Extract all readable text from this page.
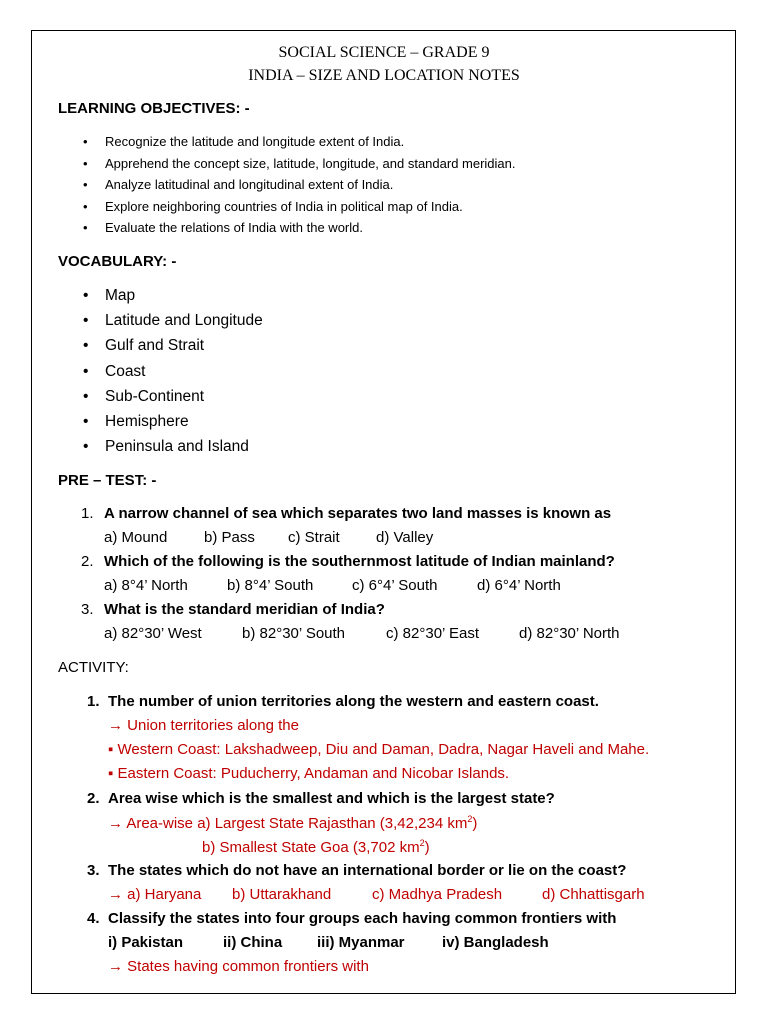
SOCIAL SCIENCE – GRADE 9
INDIA – SIZE AND LOCATION NOTES
LEARNING OBJECTIVES: -
• Recognize the latitude and longitude extent of India.
• Apprehend the concept size, latitude, longitude, and standard meridian.
• Analyze latitudinal and longitudinal extent of India.
• Explore neighboring countries of India in political map of India.
• Evaluate the relations of India with the world.
VOCABULARY: -
• Map
• Latitude and Longitude
• Gulf and Strait
• Coast
• Sub-Continent
• Hemisphere
• Peninsula and Island
PRE – TEST: -
1. A narrow channel of sea which separates two land masses is known as
a) Mound b) Pass c) Strait d) Valley
2. Which of the following is the southernmost latitude of Indian mainland?
a) 8°4’ North	b) 8°4’ South	c) 6°4’ South	d) 6°4’ North
3. What is the standard meridian of India?
a) 82°30’ West	b) 82°30’ South	c) 82°30’ East	d) 82°30’ North
ACTIVITY:
1. The number of union territories along the western and eastern coast.
→ Union territories along the
▪ Western Coast: Lakshadweep, Diu and Daman, Dadra, Nagar Haveli and Mahe.
▪ Eastern Coast: Puducherry, Andaman and Nicobar Islands.
2. Area wise which is the smallest and which is the largest state?
→ Area-wise a) Largest State Rajasthan (3,42,234 $km^2$)
b) Smallest State Goa (3,702 $km^2$)
3. The states which do not have an international border or lie on the coast?
→ a) Haryana b) Uttarakhand	c) Madhya Pradesh	d) Chhattisgarh
4. Classify the states into four groups each having common frontiers with
i) Pakistan	ii) China iii) Myanmar iv) Bangladesh
→ States having common frontiers with
